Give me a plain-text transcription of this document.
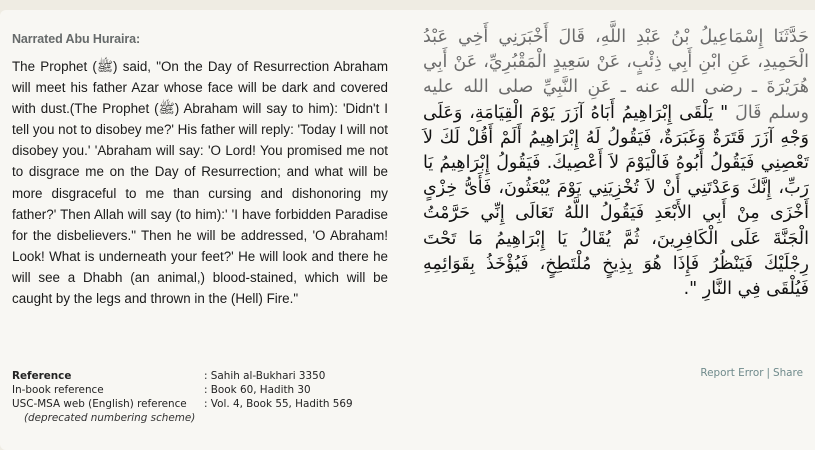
Narrated Abu Huraira:

The Prophet (ﷺ) said, "On the Day of Resurrection Abraham will meet his father Azar whose face will be dark and covered with dust.(The Prophet (ﷺ) Abraham will say to him): 'Didn't I tell you not to disobey me?' His father will reply: 'Today I will not disobey you.' 'Abraham will say: 'O Lord! You promised me not to disgrace me on the Day of Resurrection; and what will be more disgraceful to me than cursing and dishonoring my father?' Then Allah will say (to him):' 'I have forbidden Paradise for the disbelievers." Then he will be addressed, 'O Abraham! Look! What is underneath your feet?' He will look and there he will see a Dhabh (an animal,) blood-stained, which will be caught by the legs and thrown in the (Hell) Fire."

حَدَّثَنَا إِسْمَاعِيلُ بْنُ عَبْدِ اللَّهِ، قَالَ أَخْبَرَنِي أَخِي عَبْدُ الْحَمِيدِ، عَنِ ابْنِ أَبِي ذِئْبٍ، عَنْ سَعِيدٍ الْمَقْبُرِيِّ، عَنْ أَبِي هُرَيْرَةَ ـ رضى الله عنه ـ عَنِ النَّبِيِّ صلى الله عليه وسلم قَالَ " يَلْقَى إِبْرَاهِيمُ أَبَاهُ آزَرَ يَوْمَ الْقِيَامَةِ، وَعَلَى وَجْهِ آزَرَ قَتَرَةٌ وَغَبَرَةٌ، فَيَقُولُ لَهُ إِبْرَاهِيمُ أَلَمْ أَقُلْ لَكَ لاَ تَعْصِنِي فَيَقُولُ أَبُوهُ فَالْيَوْمَ لاَ أَعْصِيكَ. فَيَقُولُ إِبْرَاهِيمُ يَا رَبِّ، إِنَّكَ وَعَدْتَنِي أَنْ لاَ تُخْزِيَنِي يَوْمَ يُبْعَثُونَ، فَأَىُّ خِزْىٍ أَخْزَى مِنْ أَبِي الأَبْعَدِ فَيَقُولُ اللَّهُ تَعَالَى إِنِّي حَرَّمْتُ الْجَنَّةَ عَلَى الْكَافِرِينَ، ثُمَّ يُقَالُ يَا إِبْرَاهِيمُ مَا تَحْتَ رِجْلَيْكَ فَيَنْظُرُ فَإِذَا هُوَ بِذِيخٍ مُلْتَطِخٍ، فَيُؤْخَذُ بِقَوَائِمِهِ فَيُلْقَى فِي النَّارِ ".
Reference	: Sahih al-Bukhari 3350
In-book reference	: Book 60, Hadith 30
USC-MSA web (English) reference	: Vol. 4, Book 55, Hadith 569
(deprecated numbering scheme)
Report Error | Share
